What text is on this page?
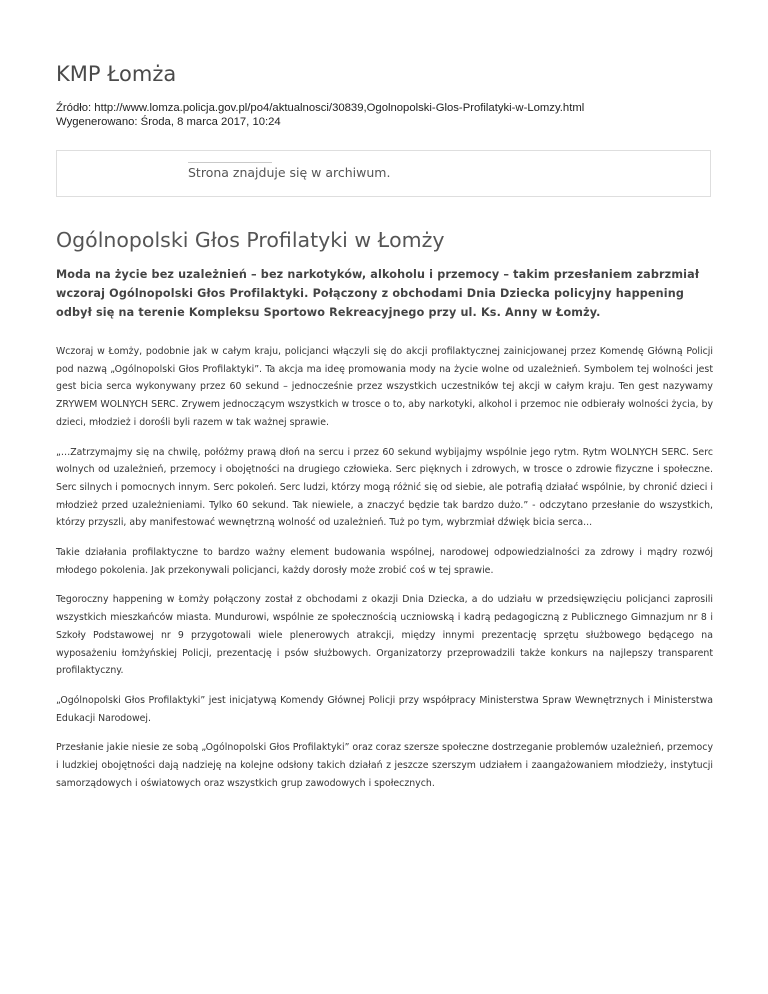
KMP Łomża
Źródło: http://www.lomza.policja.gov.pl/po4/aktualnosci/30839,Ogolnopolski-Glos-Profilatyki-w-Lomzy.html
Wygenerowano: Środa, 8 marca 2017, 10:24
Strona znajduje się w archiwum.
Ogólnopolski Głos Profilatyki w Łomży

Moda na życie bez uzależnień – bez narkotyków, alkoholu i przemocy – takim przesłaniem zabrzmiał wczoraj Ogólnopolski Głos Profilaktyki. Połączony z obchodami Dnia Dziecka policyjny happening odbył się na terenie Kompleksu Sportowo Rekreacyjnego przy ul. Ks. Anny w Łomży.

Wczoraj w Łomży, podobnie jak w całym kraju, policjanci włączyli się do akcji profilaktycznej zainicjowanej przez Komendę Główną Policji pod nazwą „Ogólnopolski Głos Profilaktyki”. Ta akcja ma ideę promowania mody na życie wolne od uzależnień. Symbolem tej wolności jest gest bicia serca wykonywany przez 60 sekund – jednocześnie przez wszystkich uczestników tej akcji w całym kraju. Ten gest nazywamy ZRYWEM WOLNYCH SERC. Zrywem jednoczącym wszystkich w trosce o to, aby narkotyki, alkohol i przemoc nie odbierały wolności życia, by dzieci, młodzież i dorośli byli razem w tak ważnej sprawie.

„…Zatrzymajmy się na chwilę, połóżmy prawą dłoń na sercu i przez 60 sekund wybijajmy wspólnie jego rytm. Rytm WOLNYCH SERC. Serc wolnych od uzależnień, przemocy i obojętności na drugiego człowieka. Serc pięknych i zdrowych, w trosce o zdrowie fizyczne i społeczne. Serc silnych i pomocnych innym. Serc pokoleń. Serc ludzi, którzy mogą różnić się od siebie, ale potrafią działać wspólnie, by chronić dzieci i młodzież przed uzależnieniami. Tylko 60 sekund. Tak niewiele, a znaczyć będzie tak bardzo dużo.” - odczytano przesłanie do wszystkich, którzy przyszli, aby manifestować wewnętrzną wolność od uzależnień. Tuż po tym, wybrzmiał dźwięk bicia serca...

Takie działania profilaktyczne to bardzo ważny element budowania wspólnej, narodowej odpowiedzialności za zdrowy i mądry rozwój młodego pokolenia. Jak przekonywali policjanci, każdy dorosły może zrobić coś w tej sprawie.

Tegoroczny happening w Łomży połączony został z obchodami z okazji Dnia Dziecka, a do udziału w przedsięwzięciu policjanci zaprosili wszystkich mieszkańców miasta. Mundurowi, wspólnie ze społecznością uczniowską i kadrą pedagogiczną z Publicznego Gimnazjum nr 8 i Szkoły Podstawowej nr 9 przygotowali wiele plenerowych atrakcji, między innymi prezentację sprzętu służbowego będącego na wyposażeniu łomżyńskiej Policji, prezentację i psów służbowych. Organizatorzy przeprowadzili także konkurs na najlepszy transparent profilaktyczny.

„Ogólnopolski Głos Profilaktyki” jest inicjatywą Komendy Głównej Policji przy współpracy Ministerstwa Spraw Wewnętrznych i Ministerstwa Edukacji Narodowej.

Przesłanie jakie niesie ze sobą „Ogólnopolski Głos Profilaktyki” oraz coraz szersze społeczne dostrzeganie problemów uzależnień, przemocy i ludzkiej obojętności dają nadzieję na kolejne odsłony takich działań z jeszcze szerszym udziałem i zaangażowaniem młodzieży, instytucji samorządowych i oświatowych oraz wszystkich grup zawodowych i społecznych.
